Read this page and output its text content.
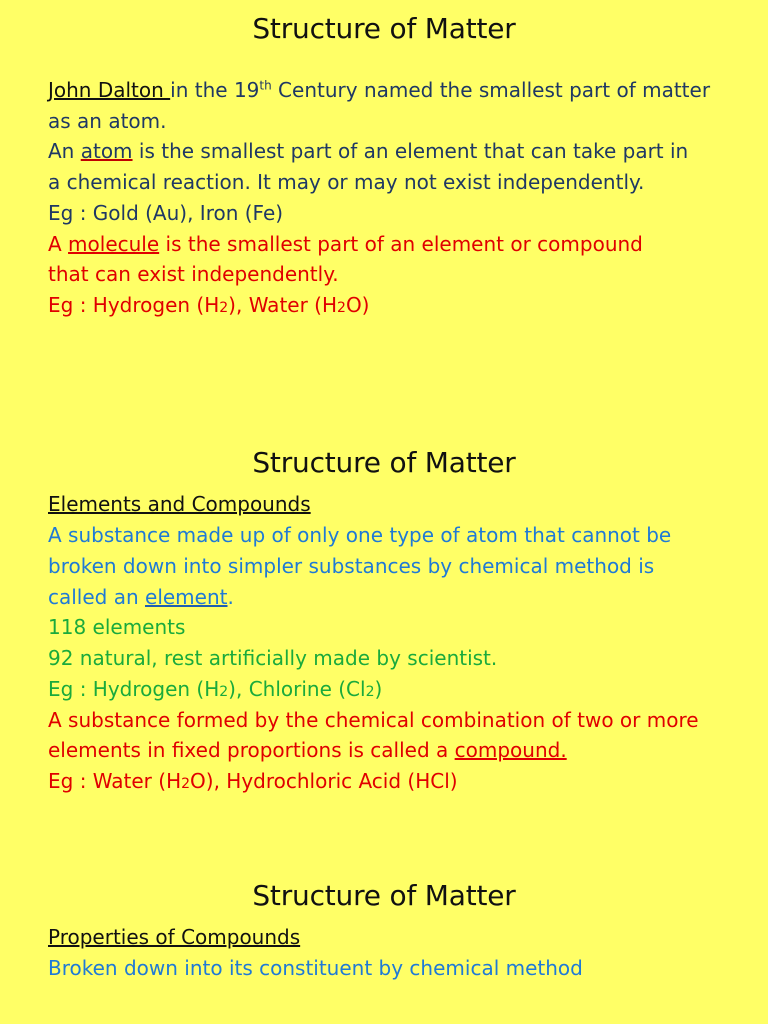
Structure of Matter
John Dalton in the 19th Century named the smallest part of matter
as an atom.
An atom is the smallest part of an element that can take part in
a chemical reaction. It may or may not exist independently.
Eg : Gold (Au), Iron (Fe)
A molecule is the smallest part of an element or compound
that can exist independently.
Eg : Hydrogen (H2), Water (H2O)
Structure of Matter
Elements and Compounds
A substance made up of only one type of atom that cannot be
broken down into simpler substances by chemical method is
called an element.
118 elements
92 natural, rest artificially made by scientist.
Eg : Hydrogen (H2), Chlorine (Cl2)
A substance formed by the chemical combination of two or more
elements in fixed proportions is called a compound.
Eg : Water (H2O), Hydrochloric Acid (HCl)
Structure of Matter
Properties of Compounds
Broken down into its constituent by chemical method
